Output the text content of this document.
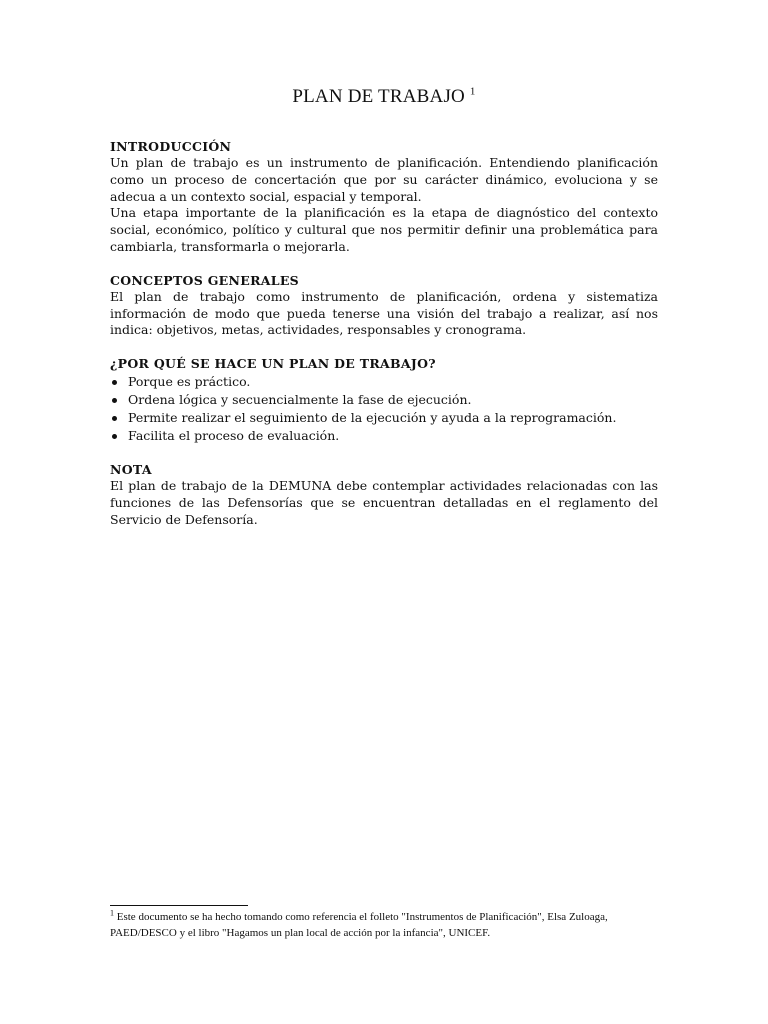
PLAN DE TRABAJO $^1$
INTRODUCCIÓN

Un plan de trabajo es un instrumento de planificación. Entendiendo planificación como un proceso de concertación que por su carácter dinámico, evoluciona y se adecua a un contexto social, espacial y temporal.

Una etapa importante de la planificación es la etapa de diagnóstico del contexto social, económico, político y cultural que nos permitir definir una problemática para cambiarla, transformarla o mejorarla.

CONCEPTOS GENERALES

El plan de trabajo como instrumento de planificación, ordena y sistematiza información de modo que pueda tenerse una visión del trabajo a realizar, así nos indica: objetivos, metas, actividades, responsables y cronograma.

¿POR QUÉ SE HACE UN PLAN DE TRABAJO?
Porque es práctico.
Ordena lógica y secuencialmente la fase de ejecución.
Permite realizar el seguimiento de la ejecución y ayuda a la reprogramación.
Facilita el proceso de evaluación.
NOTA

El plan de trabajo de la DEMUNA debe contemplar actividades relacionadas con las funciones de las Defensorías que se encuentran detalladas en el reglamento del Servicio de Defensoría.

$^1$ Este documento se ha hecho tomando como referencia el folleto "Instrumentos de Planificación", Elsa Zuloaga, PAED/DESCO y el libro "Hagamos un plan local de acción por la infancia", UNICEF.
